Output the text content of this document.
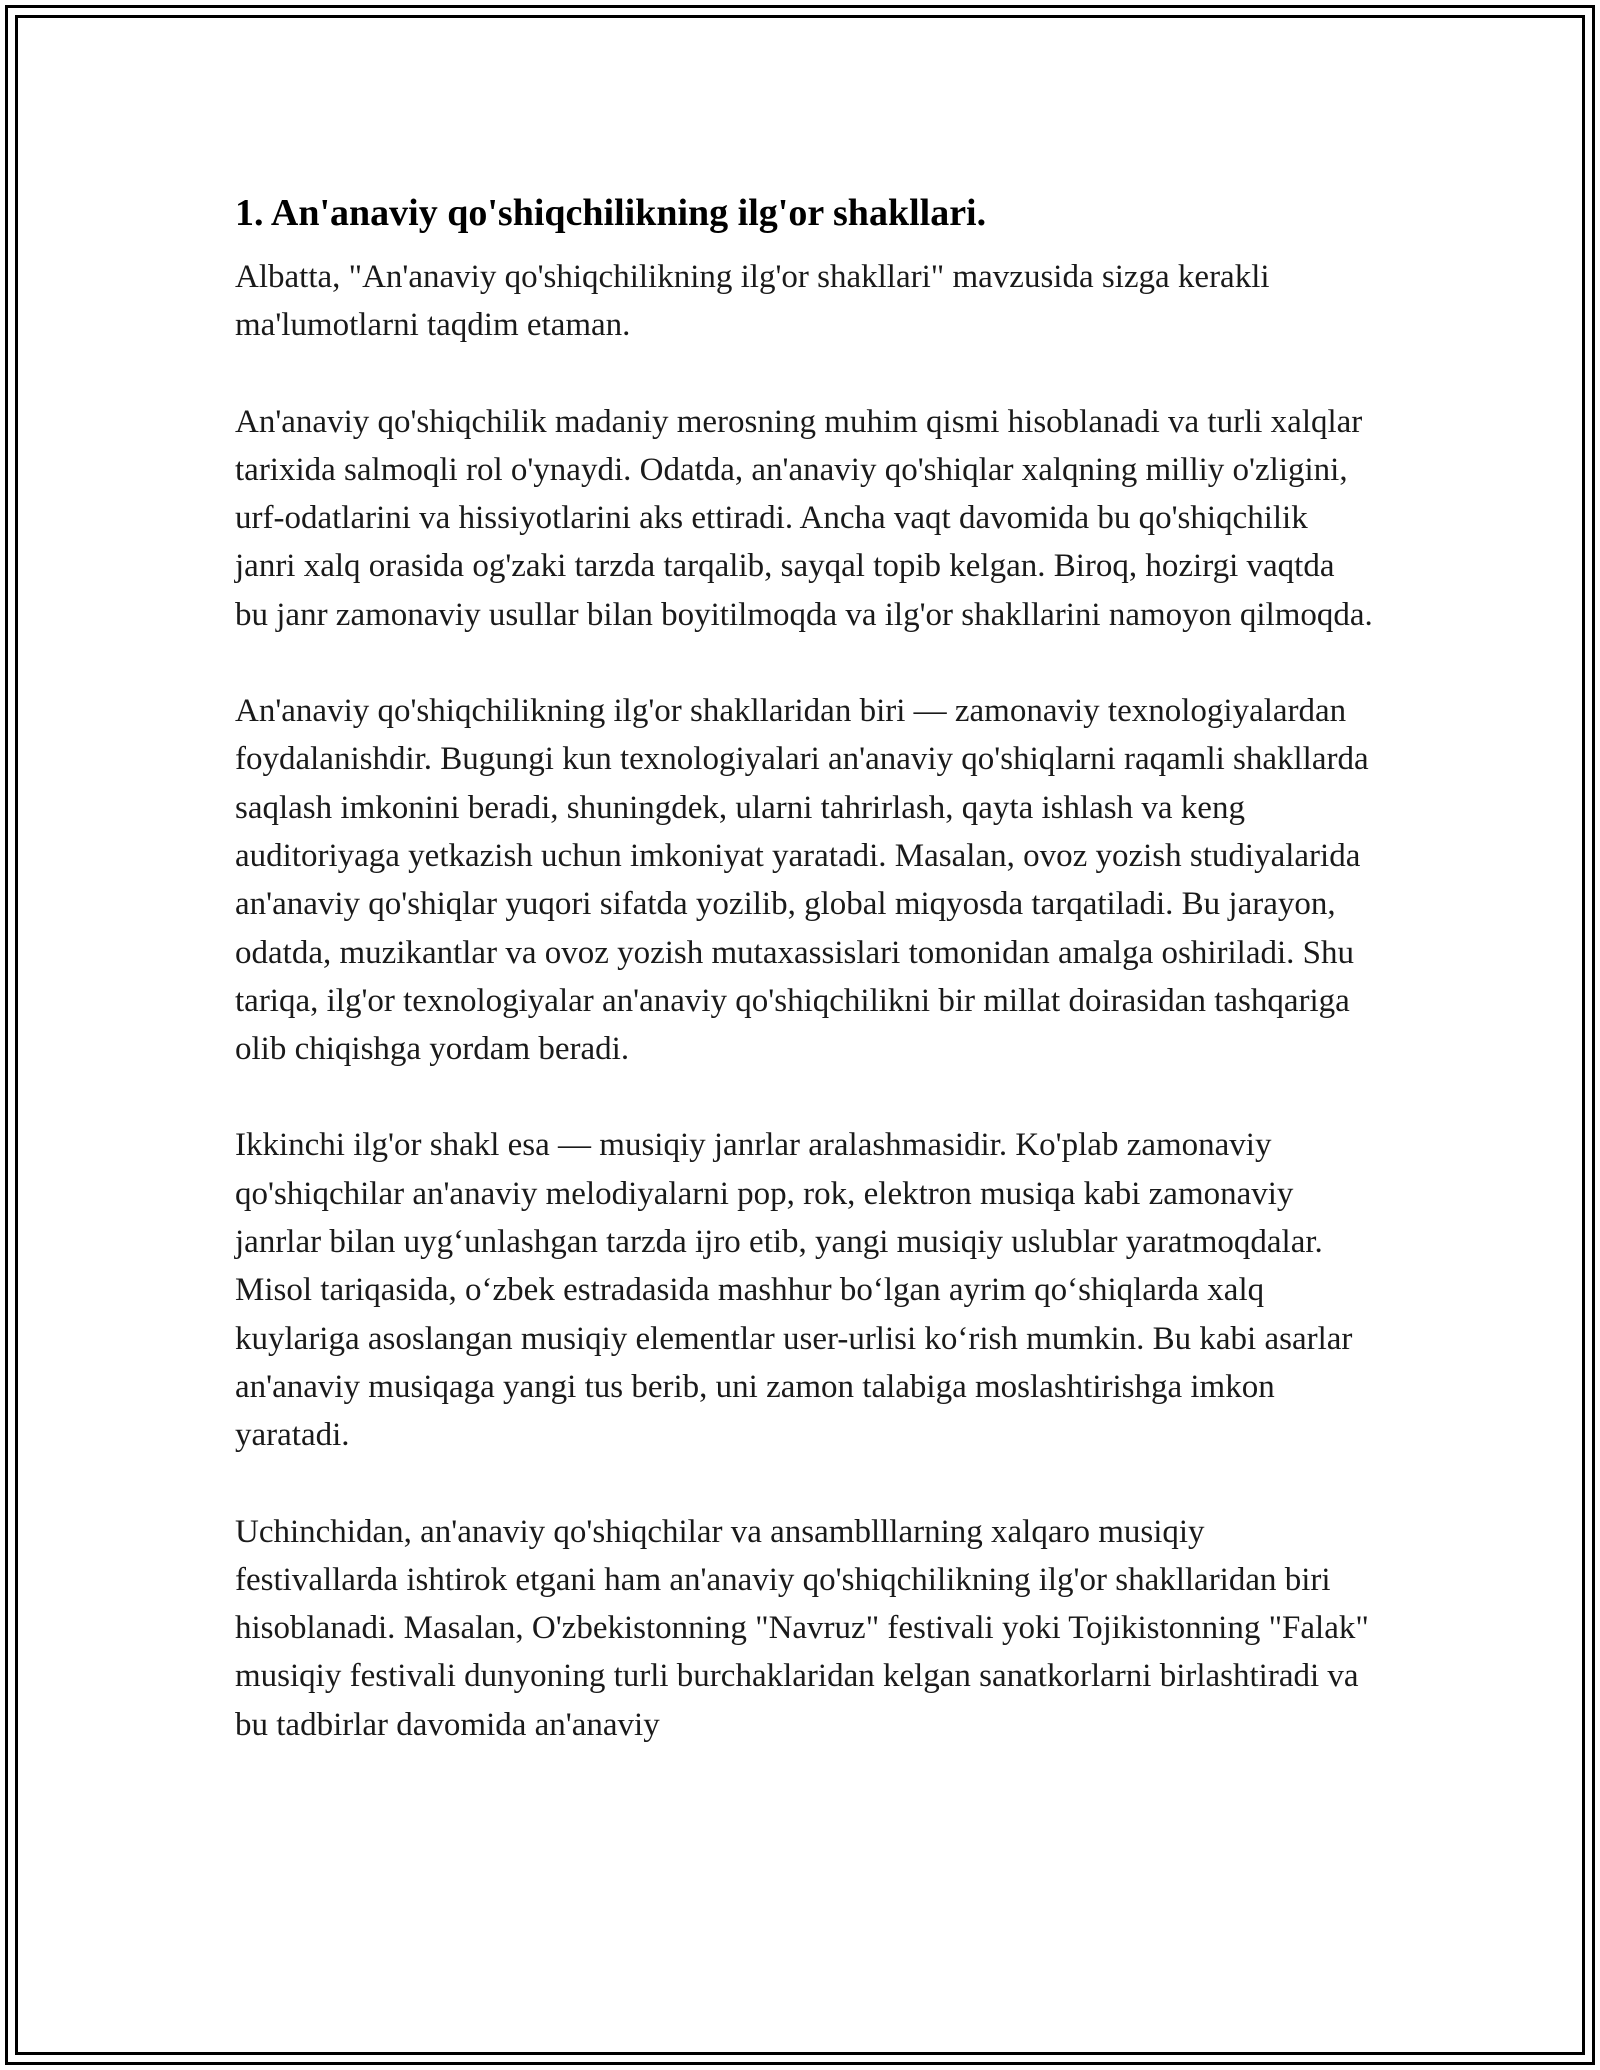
1. An'anaviy qo'shiqchilikning ilg'or shakllari.

Albatta, "An'anaviy qo'shiqchilikning ilg'or shakllari" mavzusida sizga kerakli ma'lumotlarni taqdim etaman.

An'anaviy qo'shiqchilik madaniy merosning muhim qismi hisoblanadi va turli xalqlar tarixida salmoqli rol o'ynaydi. Odatda, an'anaviy qo'shiqlar xalqning milliy o'zligini, urf-odatlarini va hissiyotlarini aks ettiradi. Ancha vaqt davomida bu qo'shiqchilik janri xalq orasida og'zaki tarzda tarqalib, sayqal topib kelgan. Biroq, hozirgi vaqtda bu janr zamonaviy usullar bilan boyitilmoqda va ilg'or shakllarini namoyon qilmoqda.

An'anaviy qo'shiqchilikning ilg'or shakllaridan biri — zamonaviy texnologiyalardan foydalanishdir. Bugungi kun texnologiyalari an'anaviy qo'shiqlarni raqamli shakllarda saqlash imkonini beradi, shuningdek, ularni tahrirlash, qayta ishlash va keng auditoriyaga yetkazish uchun imkoniyat yaratadi. Masalan, ovoz yozish studiyalarida an'anaviy qo'shiqlar yuqori sifatda yozilib, global miqyosda tarqatiladi. Bu jarayon, odatda, muzikantlar va ovoz yozish mutaxassislari tomonidan amalga oshiriladi. Shu tariqa, ilg'or texnologiyalar an'anaviy qo'shiqchilikni bir millat doirasidan tashqariga olib chiqishga yordam beradi.

Ikkinchi ilg'or shakl esa — musiqiy janrlar aralashmasidir. Ko'plab zamonaviy qo'shiqchilar an'anaviy melodiyalarni pop, rok, elektron musiqa kabi zamonaviy janrlar bilan uyg‘unlashgan tarzda ijro etib, yangi musiqiy uslublar yaratmoqdalar. Misol tariqasida, o‘zbek estradasida mashhur bo‘lgan ayrim qo‘shiqlarda xalq kuylariga asoslangan musiqiy elementlar user-urlisi ko‘rish mumkin. Bu kabi asarlar an'anaviy musiqaga yangi tus berib, uni zamon talabiga moslashtirishga imkon yaratadi.

Uchinchidan, an'anaviy qo'shiqchilar va ansamblllarning xalqaro musiqiy festivallarda ishtirok etgani ham an'anaviy qo'shiqchilikning ilg'or shakllaridan biri hisoblanadi. Masalan, O'zbekistonning "Navruz" festivali yoki Tojikistonning "Falak" musiqiy festivali dunyoning turli burchaklaridan kelgan sanatkorlarni birlashtiradi va bu tadbirlar davomida an'anaviy
